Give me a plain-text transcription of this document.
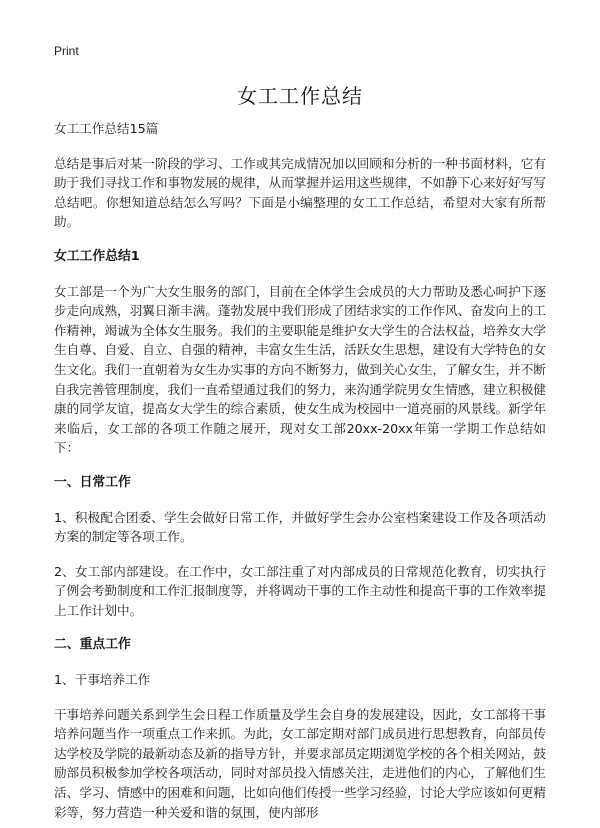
Print
女工工作总结

女工工作总结15篇

总结是事后对某一阶段的学习、工作或其完成情况加以回顾和分析的一种书面材料，它有助于我们寻找工作和事物发展的规律，从而掌握并运用这些规律，不如静下心来好好写写总结吧。你想知道总结怎么写吗？下面是小编整理的女工工作总结，希望对大家有所帮助。

女工工作总结1

女工部是一个为广大女生服务的部门，目前在全体学生会成员的大力帮助及悉心呵护下逐步走向成熟，羽翼日渐丰满。蓬勃发展中我们形成了团结求实的工作作风、奋发向上的工作精神，竭诚为全体女生服务。我们的主要职能是维护女大学生的合法权益，培养女大学生自尊、自爱、自立、自强的精神，丰富女生生活，活跃女生思想，建设有大学特色的女生文化。我们一直朝着为女生办实事的方向不断努力，做到关心女生，了解女生，并不断自我完善管理制度，我们一直希望通过我们的努力，来沟通学院男女生情感，建立积极健康的同学友谊，提高女大学生的综合素质，使女生成为校园中一道亮丽的风景线。新学年来临后，女工部的各项工作随之展开，现对女工部20xx-20xx年第一学期工作总结如下：

一、日常工作

1、积极配合团委、学生会做好日常工作，并做好学生会办公室档案建设工作及各项活动方案的制定等各项工作。

2、女工部内部建设。在工作中，女工部注重了对内部成员的日常规范化教育，切实执行了例会考勤制度和工作汇报制度等，并将调动干事的工作主动性和提高干事的工作效率提上工作计划中。

二、重点工作

1、干事培养工作

干事培养问题关系到学生会日程工作质量及学生会自身的发展建设，因此，女工部将干事培养问题当作一项重点工作来抓。为此，女工部定期对部门成员进行思想教育，向部员传达学校及学院的最新动态及新的指导方针，并要求部员定期浏览学校的各个相关网站，鼓励部员积极参加学校各项活动，同时对部员投入情感关注，走进他们的内心，了解他们生活、学习、情感中的困难和问题，比如向他们传授一些学习经验，讨论大学应该如何更精彩等，努力营造一种关爱和谐的氛围，使内部形
